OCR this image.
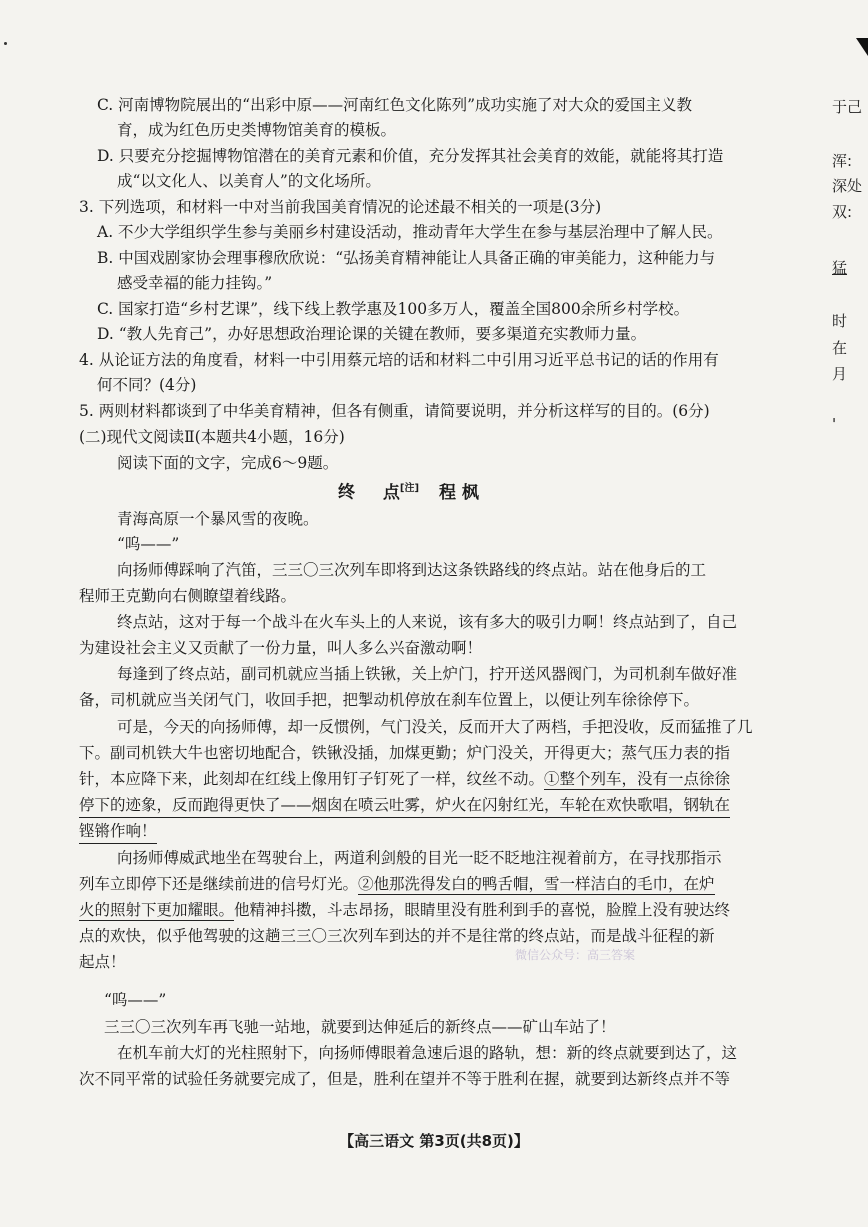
C. 河南博物院展出的“出彩中原——河南红色文化陈列”成功实施了对大众的爱国主义教
育，成为红色历史类博物馆美育的模板。
D. 只要充分挖掘博物馆潜在的美育元素和价值，充分发挥其社会美育的效能，就能将其打造
成“以文化人、以美育人”的文化场所。
3. 下列选项，和材料一中对当前我国美育情况的论述最不相关的一项是(3分)
A. 不少大学组织学生参与美丽乡村建设活动，推动青年大学生在参与基层治理中了解人民。
B. 中国戏剧家协会理事穆欣欣说：“弘扬美育精神能让人具备正确的审美能力，这种能力与
感受幸福的能力挂钩。”
C. 国家打造“乡村艺课”，线下线上教学惠及100多万人，覆盖全国800余所乡村学校。
D. “教人先育己”，办好思想政治理论课的关键在教师，要多渠道充实教师力量。
4. 从论证方法的角度看，材料一中引用蔡元培的话和材料二中引用习近平总书记的话的作用有
何不同？(4分)
5. 两则材料都谈到了中华美育精神，但各有侧重，请简要说明，并分析这样写的目的。(6分)
(二)现代文阅读Ⅱ(本题共4小题，16分)
阅读下面的文字，完成6～9题。
终 点[注] 程 枫
青海高原一个暴风雪的夜晚。
“呜——”
向扬师傅踩响了汽笛，三三〇三次列车即将到达这条铁路线的终点站。站在他身后的工
程师王克勤向右侧瞭望着线路。
终点站，这对于每一个战斗在火车头上的人来说，该有多大的吸引力啊！终点站到了，自己
为建设社会主义又贡献了一份力量，叫人多么兴奋激动啊！
每逢到了终点站，副司机就应当插上铁锹，关上炉门，拧开送风器阀门，为司机刹车做好准
备，司机就应当关闭气门，收回手把，把掣动机停放在刹车位置上，以便让列车徐徐停下。
可是，今天的向扬师傅，却一反惯例，气门没关，反而开大了两档，手把没收，反而猛推了几
下。副司机铁大牛也密切地配合，铁锹没插，加煤更勤；炉门没关，开得更大；蒸气压力表的指
针，本应降下来，此刻却在红线上像用钉子钉死了一样，纹丝不动。①整个列车，没有一点徐徐
停下的迹象，反而跑得更快了——烟囱在喷云吐雾，炉火在闪射红光，车轮在欢快歌唱，钢轨在
铿锵作响！
向扬师傅威武地坐在驾驶台上，两道利剑般的目光一眨不眨地注视着前方，在寻找那指示
列车立即停下还是继续前进的信号灯光。②他那洗得发白的鸭舌帽，雪一样洁白的毛巾，在炉
火的照射下更加耀眼。他精神抖擞，斗志昂扬，眼睛里没有胜利到手的喜悦，脸膛上没有驶达终
点的欢快，似乎他驾驶的这趟三三〇三次列车到达的并不是往常的终点站，而是战斗征程的新
起点！
“呜——”
三三〇三次列车再飞驰一站地，就要到达伸延后的新终点——矿山车站了！
在机车前大灯的光柱照射下，向扬师傅眼着急速后退的路轨，想：新的终点就要到达了，这
次不同平常的试验任务就要完成了，但是，胜利在望并不等于胜利在握，就要到达新终点并不等
微信公众号：高三答案
【高三语文 第3页(共8页)】
于己
浑:
深处
双:
猛
时
在
月
'
